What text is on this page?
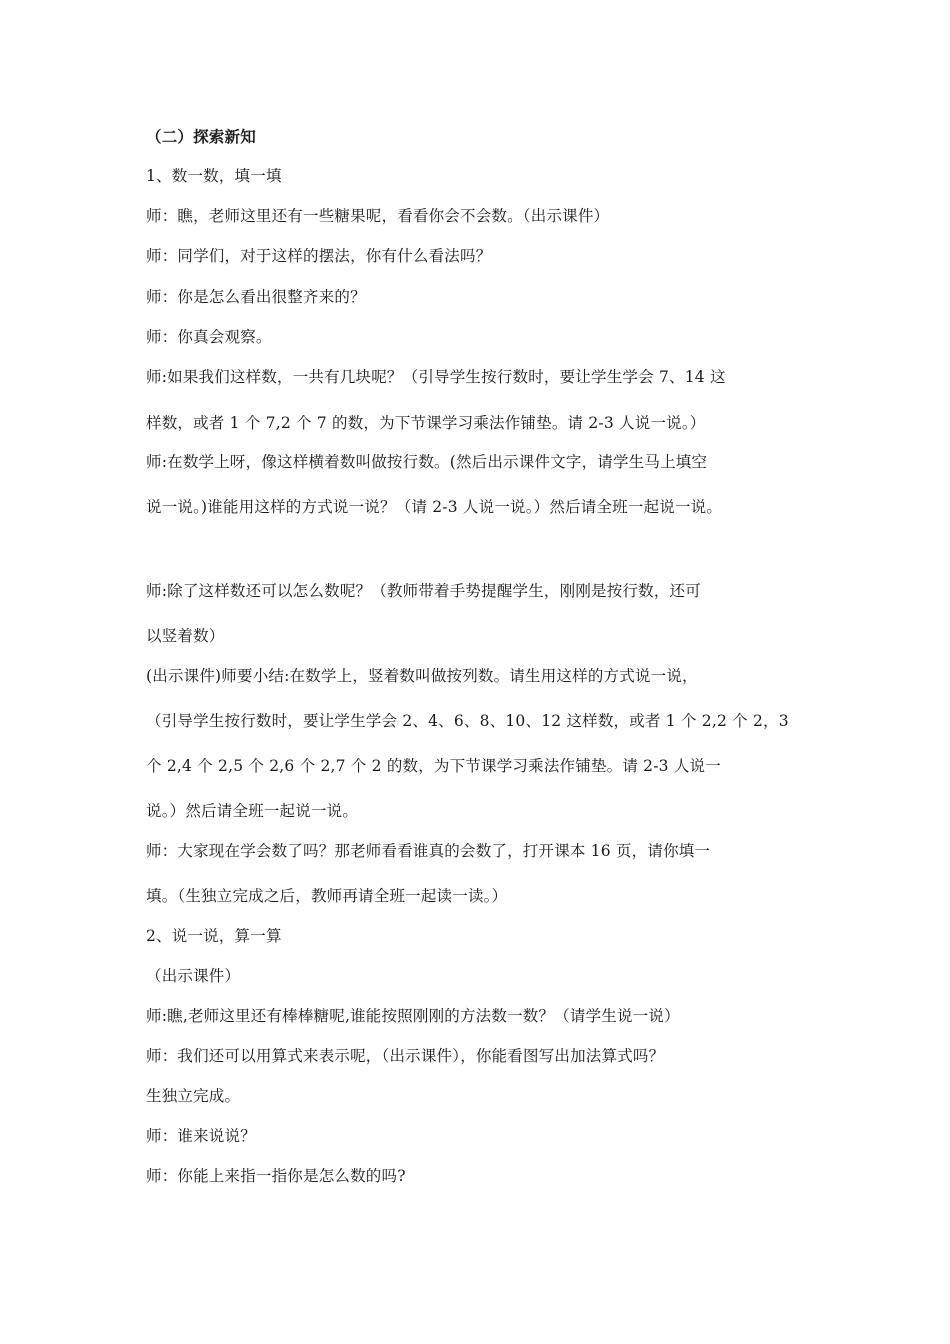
（二）探索新知
1、数一数，填一填
师：瞧，老师这里还有一些糖果呢，看看你会不会数。（出示课件）
师：同学们，对于这样的摆法，你有什么看法吗？
师：你是怎么看出很整齐来的？
师：你真会观察。
师:如果我们这样数，一共有几块呢？（引导学生按行数时，要让学生学会 7、14 这
样数，或者 1 个 7,2 个 7 的数，为下节课学习乘法作铺垫。请 2-3 人说一说。）
师:在数学上呀，像这样横着数叫做按行数。(然后出示课件文字，请学生马上填空
说一说。)谁能用这样的方式说一说？（请 2-3 人说一说。）然后请全班一起说一说。
师:除了这样数还可以怎么数呢？（教师带着手势提醒学生，刚刚是按行数，还可
以竖着数）
(出示课件)师要小结:在数学上，竖着数叫做按列数。请生用这样的方式说一说，
（引导学生按行数时，要让学生学会 2、4、6、8、10、12 这样数，或者 1 个 2,2 个 2，3
个 2,4 个 2,5 个 2,6 个 2,7 个 2 的数，为下节课学习乘法作铺垫。请 2-3 人说一
说。）然后请全班一起说一说。
师：大家现在学会数了吗？那老师看看谁真的会数了，打开课本 16 页，请你填一
填。（生独立完成之后，教师再请全班一起读一读。）
2、说一说，算一算
（出示课件）
师:瞧,老师这里还有棒棒糖呢,谁能按照刚刚的方法数一数？（请学生说一说）
师：我们还可以用算式来表示呢，（出示课件），你能看图写出加法算式吗？
生独立完成。
师：谁来说说？
师：你能上来指一指你是怎么数的吗?
